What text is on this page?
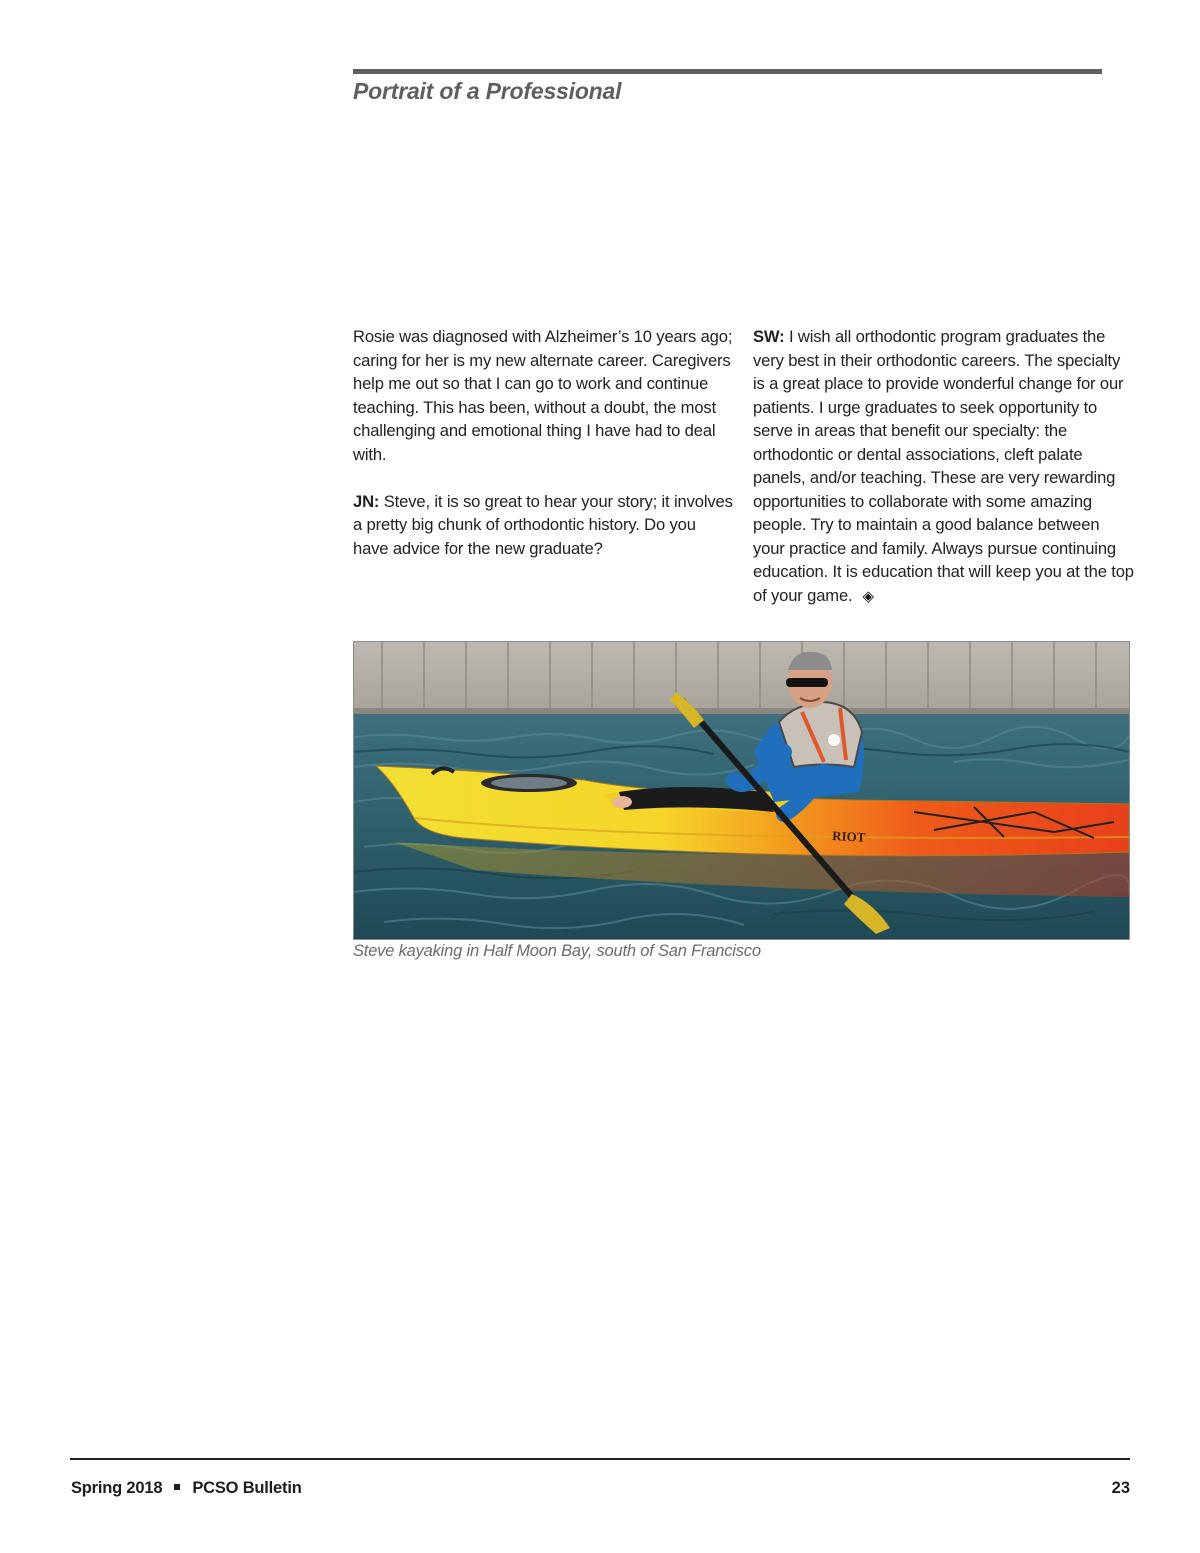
Portrait of a Professional

Rosie was diagnosed with Alzheimer’s 10 years ago; caring for her is my new alternate career. Caregivers help me out so that I can go to work and continue teaching. This has been, without a doubt, the most challenging and emotional thing I have had to deal with.

JN: Steve, it is so great to hear your story; it involves a pretty big chunk of orthodontic history. Do you have advice for the new graduate?

SW: I wish all orthodontic program graduates the very best in their orthodontic careers. The specialty is a great place to provide wonderful change for our patients. I urge graduates to seek opportunity to serve in areas that benefit our specialty: the orthodontic or dental associations, cleft palate panels, and/or teaching. These are very rewarding opportunities to collaborate with some amazing people. Try to maintain a good balance between your practice and family. Always pursue continuing education. It is education that will keep you at the top of your game. ◈

RIOT

Steve kayaking in Half Moon Bay, south of San Francisco

Spring 2018 PCSO Bulletin	23
